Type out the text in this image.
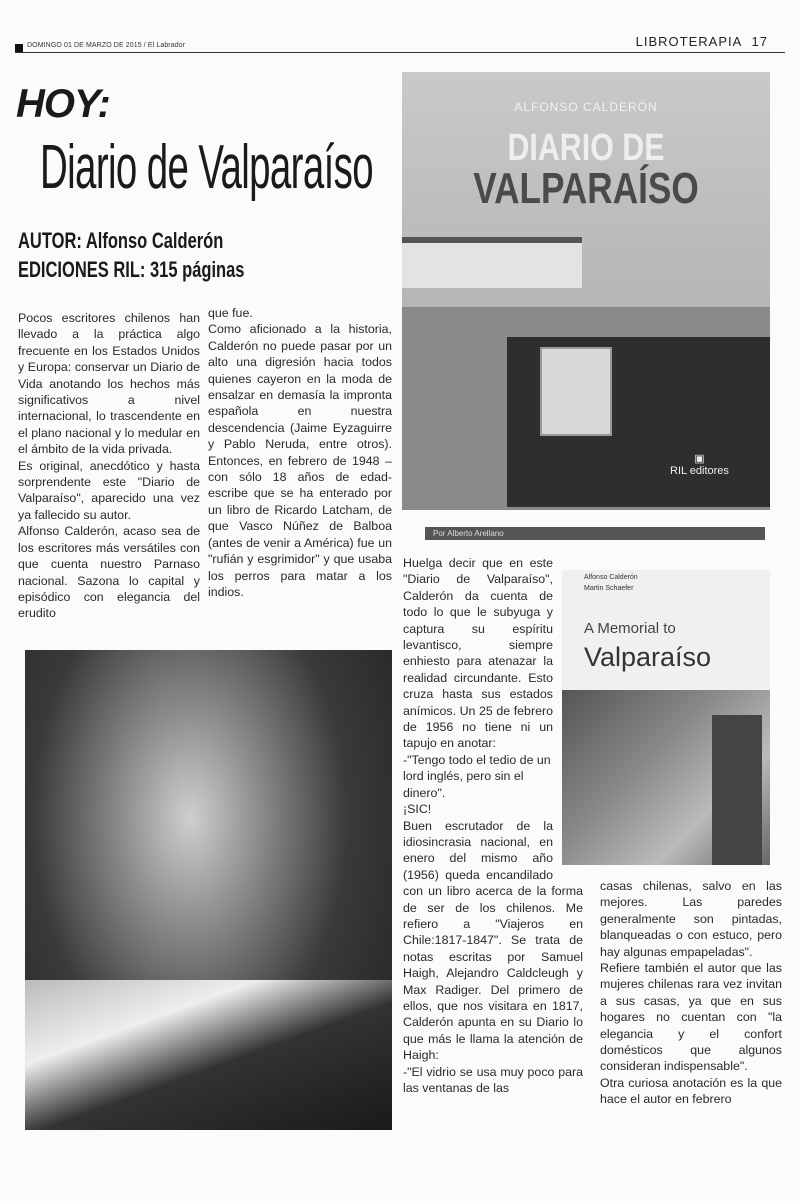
DOMINGO 01 DE MARZO DE 2015 / El Labrador	LIBROTERAPIA 17
HOY:
Diario de Valparaíso
AUTOR: Alfonso Calderón
EDICIONES RIL: 315 páginas

Pocos escritores chilenos han llevado a la práctica algo frecuente en los Estados Unidos y Europa: conservar un Diario de Vida anotando los hechos más significativos a nivel internacional, lo trascendente en el plano nacional y lo medular en el ámbito de la vida privada.

Es original, anecdótico y hasta sorprendente este "Diario de Valparaíso", aparecido una vez ya fallecido su autor.

Alfonso Calderón, acaso sea de los escritores más versátiles con que cuenta nuestro Parnaso nacional. Sazona lo capital y episódico con elegancia del erudito

que fue.

Como aficionado a la historia, Calderón no puede pasar por un alto una digresión hacia todos quienes cayeron en la moda de ensalzar en demasía la impronta española en nuestra descendencia (Jaime Eyzaguirre y Pablo Neruda, entre otros). Entonces, en febrero de 1948 –con sólo 18 años de edad- escribe que se ha enterado por un libro de Ricardo Latcham, de que Vasco Núñez de Balboa (antes de venir a América) fue un "rufián y esgrimidor" y que usaba los perros para matar a los indios.

ALFONSO CALDERÓN
DIARIO DE
VALPARAÍSO
▣
RIL editores
Por Alberto Arellano

Huelga decir que en este "Diario de Valparaíso", Calderón da cuenta de todo lo que le subyuga y captura su espíritu levantisco, siempre enhiesto para atenazar la realidad circundante. Esto cruza hasta sus estados anímicos. Un 25 de febrero de 1956 no tiene ni un tapujo en anotar:

-"Tengo todo el tedio de un lord inglés, pero sin el dinero".

¡SIC!

Buen escrutador de la idiosincrasia nacional, en enero del mismo año (1956) queda encandilado con un libro acerca de la forma de ser de los chilenos. Me refiero a "Viajeros en Chile:1817-1847". Se trata de notas escritas por Samuel Haigh, Alejandro Caldcleugh y Max Radiger. Del primero de ellos, que nos visitara en 1817, Calderón apunta en su Diario lo que más le llama la atención de Haigh:

-"El vidrio se usa muy poco para las ventanas de las

Alfonso Calderón
Martin Schaefer
A Memorial to
Valparaíso

casas chilenas, salvo en las mejores. Las paredes generalmente son pintadas, blanqueadas o con estuco, pero hay algunas empapeladas".

Refiere también el autor que las mujeres chilenas rara vez invitan a sus casas, ya que en sus hogares no cuentan con "la elegancia y el confort domésticos que algunos consideran indispensable".

Otra curiosa anotación es la que hace el autor en febrero
